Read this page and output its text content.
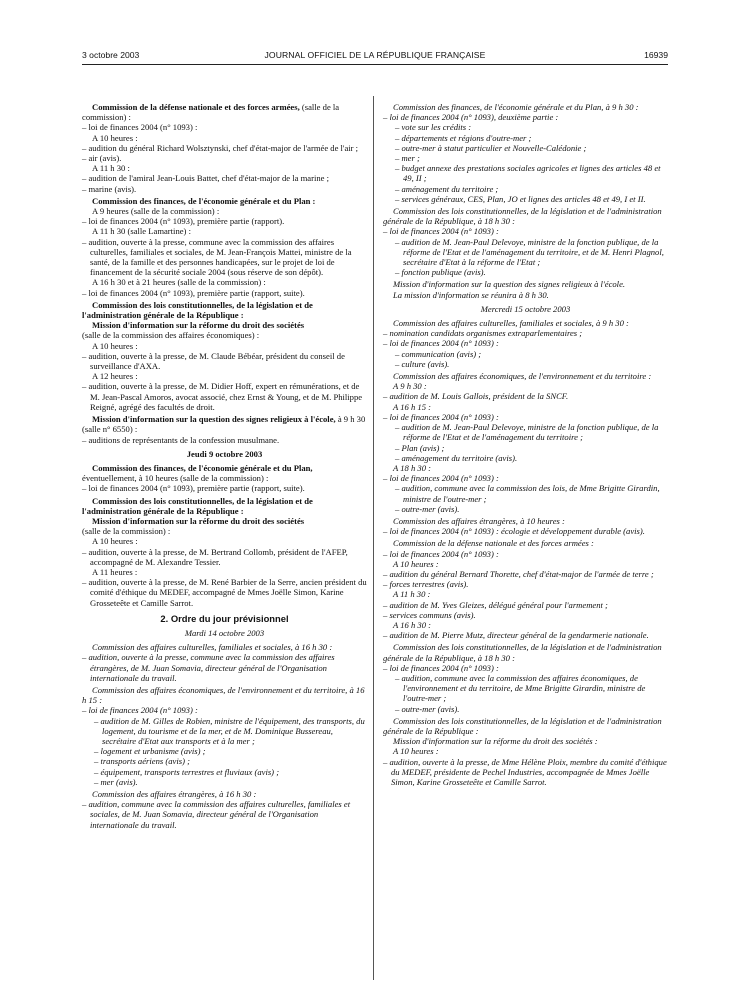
3 octobre 2003	JOURNAL OFFICIEL DE LA RÉPUBLIQUE FRANÇAISE	16939

Commission de la défense nationale et des forces armées, (salle de la commission) :

– loi de finances 2004 (n° 1093) :

A 10 heures :

– audition du général Richard Wolsztynski, chef d'état-major de l'armée de l'air ;

– air (avis).

A 11 h 30 :

– audition de l'amiral Jean-Louis Battet, chef d'état-major de la marine ;

– marine (avis).

Commission des finances, de l'économie générale et du Plan :

A 9 heures (salle de la commission) :

– loi de finances 2004 (n° 1093), première partie (rapport).

A 11 h 30 (salle Lamartine) :

– audition, ouverte à la presse, commune avec la commission des affaires culturelles, familiales et sociales, de M. Jean-François Mattei, ministre de la santé, de la famille et des personnes handicapées, sur le projet de loi de financement de la sécurité sociale 2004 (sous réserve de son dépôt).

A 16 h 30 et à 21 heures (salle de la commission) :

– loi de finances 2004 (n° 1093), première partie (rapport, suite).

Commission des lois constitutionnelles, de la législation et de l'administration générale de la République :

Mission d'information sur la réforme du droit des sociétés

(salle de la commission des affaires économiques) :

A 10 heures :

– audition, ouverte à la presse, de M. Claude Bébéar, président du conseil de surveillance d'AXA.

A 12 heures :

– audition, ouverte à la presse, de M. Didier Hoff, expert en rémunérations, et de M. Jean-Pascal Amoros, avocat associé, chez Ernst & Young, et de M. Philippe Reigné, agrégé des facultés de droit.

Mission d'information sur la question des signes religieux à l'école, à 9 h 30 (salle n° 6550) :

– auditions de représentants de la confession musulmane.

Jeudi 9 octobre 2003

Commission des finances, de l'économie générale et du Plan, éventuellement, à 10 heures (salle de la commission) :

– loi de finances 2004 (n° 1093), première partie (rapport, suite).

Commission des lois constitutionnelles, de la législation et de l'administration générale de la République :

Mission d'information sur la réforme du droit des sociétés

(salle de la commission) :

A 10 heures :

– audition, ouverte à la presse, de M. Bertrand Collomb, président de l'AFEP, accompagné de M. Alexandre Tessier.

A 11 heures :

– audition, ouverte à la presse, de M. René Barbier de la Serre, ancien président du comité d'éthique du MEDEF, accompagné de Mmes Joëlle Simon, Karine Grosseteête et Camille Sarrot.

2. Ordre du jour prévisionnel

Mardi 14 octobre 2003

Commission des affaires culturelles, familiales et sociales, à 16 h 30 :

– audition, ouverte à la presse, commune avec la commission des affaires étrangères, de M. Juan Somavia, directeur général de l'Organisation internationale du travail.

Commission des affaires économiques, de l'environnement et du territoire, à 16 h 15 :

– loi de finances 2004 (n° 1093) :

– audition de M. Gilles de Robien, ministre de l'équipement, des transports, du logement, du tourisme et de la mer, et de M. Dominique Bussereau, secrétaire d'Etat aux transports et à la mer ;

– logement et urbanisme (avis) ;

– transports aériens (avis) ;

– équipement, transports terrestres et fluviaux (avis) ;

– mer (avis).

Commission des affaires étrangères, à 16 h 30 :

– audition, commune avec la commission des affaires culturelles, familiales et sociales, de M. Juan Somavia, directeur général de l'Organisation internationale du travail.

Commission des finances, de l'économie générale et du Plan, à 9 h 30 :

– loi de finances 2004 (n° 1093), deuxième partie :

– vote sur les crédits :

– départements et régions d'outre-mer ;

– outre-mer à statut particulier et Nouvelle-Calédonie ;

– mer ;

– budget annexe des prestations sociales agricoles et lignes des articles 48 et 49, II ;

– aménagement du territoire ;

– services généraux, CES, Plan, JO et lignes des articles 48 et 49, I et II.

Commission des lois constitutionnelles, de la législation et de l'administration générale de la République, à 18 h 30 :

– loi de finances 2004 (n° 1093) :

– audition de M. Jean-Paul Delevoye, ministre de la fonction publique, de la réforme de l'Etat et de l'aménagement du territoire, et de M. Henri Plagnol, secrétaire d'Etat à la réforme de l'Etat ;

– fonction publique (avis).

Mission d'information sur la question des signes religieux à l'école.

La mission d'information se réunira à 8 h 30.

Mercredi 15 octobre 2003

Commission des affaires culturelles, familiales et sociales, à 9 h 30 :

– nomination candidats organismes extraparlementaires ;

– loi de finances 2004 (n° 1093) :

– communication (avis) ;

– culture (avis).

Commission des affaires économiques, de l'environnement et du territoire :

A 9 h 30 :

– audition de M. Louis Gallois, président de la SNCF.

A 16 h 15 :

– loi de finances 2004 (n° 1093) :

– audition de M. Jean-Paul Delevoye, ministre de la fonction publique, de la réforme de l'Etat et de l'aménagement du territoire ;

– Plan (avis) ;

– aménagement du territoire (avis).

A 18 h 30 :

– loi de finances 2004 (n° 1093) :

– audition, commune avec la commission des lois, de Mme Brigitte Girardin, ministre de l'outre-mer ;

– outre-mer (avis).

Commission des affaires étrangères, à 10 heures :

– loi de finances 2004 (n° 1093) : écologie et développement durable (avis).

Commission de la défense nationale et des forces armées :

– loi de finances 2004 (n° 1093) :

A 10 heures :

– audition du général Bernard Thorette, chef d'état-major de l'armée de terre ;

– forces terrestres (avis).

A 11 h 30 :

– audition de M. Yves Gleizes, délégué général pour l'armement ;

– services communs (avis).

A 16 h 30 :

– audition de M. Pierre Mutz, directeur général de la gendarmerie nationale.

Commission des lois constitutionnelles, de la législation et de l'administration générale de la République, à 18 h 30 :

– loi de finances 2004 (n° 1093) :

– audition, commune avec la commission des affaires économiques, de l'environnement et du territoire, de Mme Brigitte Girardin, ministre de l'outre-mer ;

– outre-mer (avis).

Commission des lois constitutionnelles, de la législation et de l'administration générale de la République :

Mission d'information sur la réforme du droit des sociétés :

A 10 heures :

– audition, ouverte à la presse, de Mme Hélène Ploix, membre du comité d'éthique du MEDEF, présidente de Pechel Industries, accompagnée de Mmes Joëlle Simon, Karine Grosseteête et Camille Sarrot.
